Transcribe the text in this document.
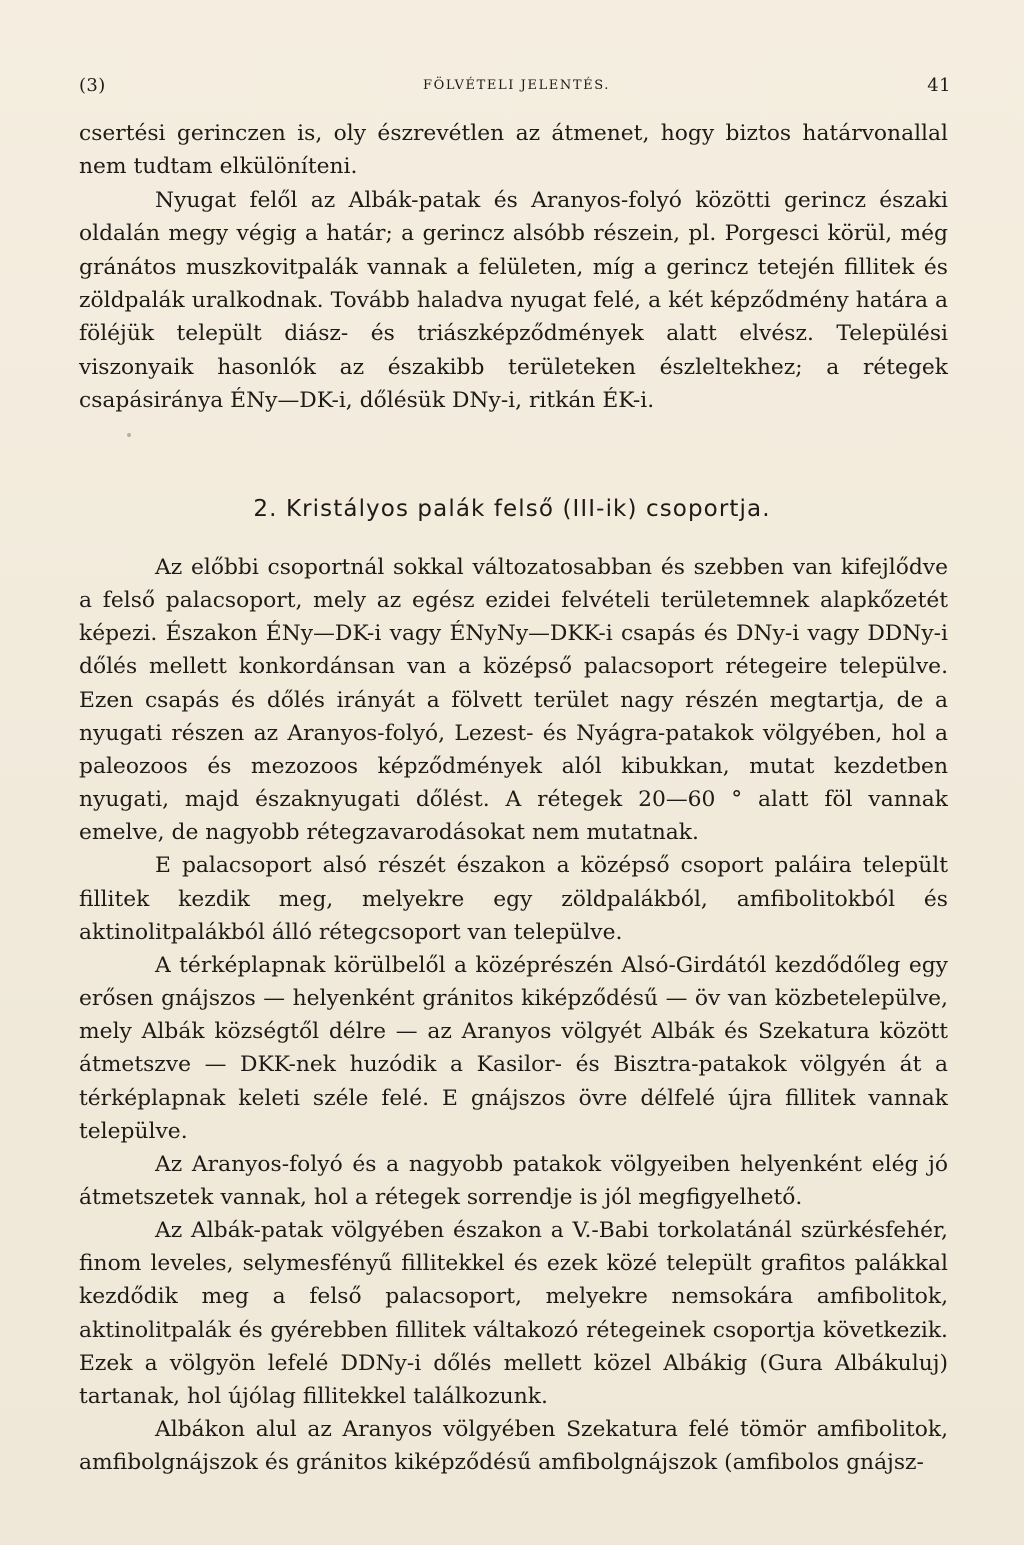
(3)	FÖLVÉTELI JELENTÉS.	41

csertési gerinczen is, oly észrevétlen az átmenet, hogy biztos határvonallal nem tudtam elkülöníteni.

Nyugat felől az Albák-patak és Aranyos-folyó közötti gerincz északi oldalán megy végig a határ; a gerincz alsóbb részein, pl. Porgesci körül, még gránátos muszkovitpalák vannak a felületen, míg a gerincz tetején fillitek és zöldpalák uralkodnak. Tovább haladva nyugat felé, a két képződmény határa a föléjük települt diász- és triászképződmények alatt elvész. Települési viszonyaik hasonlók az északibb területeken észleltekhez; a rétegek csapásiránya ÉNy—DK-i, dőlésük DNy-i, ritkán ÉK-i.

2. Kristályos palák felső (III-ik) csoportja.

Az előbbi csoportnál sokkal változatosabban és szebben van kifejlődve a felső palacsoport, mely az egész ezidei felvételi területemnek alapkőzetét képezi. Északon ÉNy—DK-i vagy ÉNyNy—DKK-i csapás és DNy-i vagy DDNy-i dőlés mellett konkordánsan van a középső palacsoport rétegeire települve. Ezen csapás és dőlés irányát a fölvett terület nagy részén megtartja, de a nyugati részen az Aranyos-folyó, Lezest- és Nyágra-patakok völgyében, hol a paleozoos és mezozoos képződmények alól kibukkan, mutat kezdetben nyugati, majd északnyugati dőlést. A rétegek 20—60 ° alatt föl vannak emelve, de nagyobb rétegzavarodásokat nem mutatnak.

E palacsoport alsó részét északon a középső csoport paláira települt fillitek kezdik meg, melyekre egy zöldpalákból, amfibolitokból és aktinolitpalákból álló rétegcsoport van települve.

A térképlapnak körülbelől a középrészén Alsó-Girdától kezdődőleg egy erősen gnájszos — helyenként gránitos kiképződésű — öv van közbetelepülve, mely Albák községtől délre — az Aranyos völgyét Albák és Szekatura között átmetszve — DKK-nek huzódik a Kasilor- és Bisztra-patakok völgyén át a térképlapnak keleti széle felé. E gnájszos övre délfelé újra fillitek vannak települve.

Az Aranyos-folyó és a nagyobb patakok völgyeiben helyenként elég jó átmetszetek vannak, hol a rétegek sorrendje is jól megfigyelhető.

Az Albák-patak völgyében északon a V.-Babi torkolatánál szürkésfehér, finom leveles, selymesfényű fillitekkel és ezek közé települt grafitos palákkal kezdődik meg a felső palacsoport, melyekre nemsokára amfibolitok, aktinolitpalák és gyérebben fillitek váltakozó rétegeinek csoportja következik. Ezek a völgyön lefelé DDNy-i dőlés mellett közel Albákig (Gura Albákuluj) tartanak, hol újólag fillitekkel találkozunk.

Albákon alul az Aranyos völgyében Szekatura felé tömör amfibolitok, amfibolgnájszok és gránitos kiképződésű amfibolgnájszok (amfibolos gnájsz-
